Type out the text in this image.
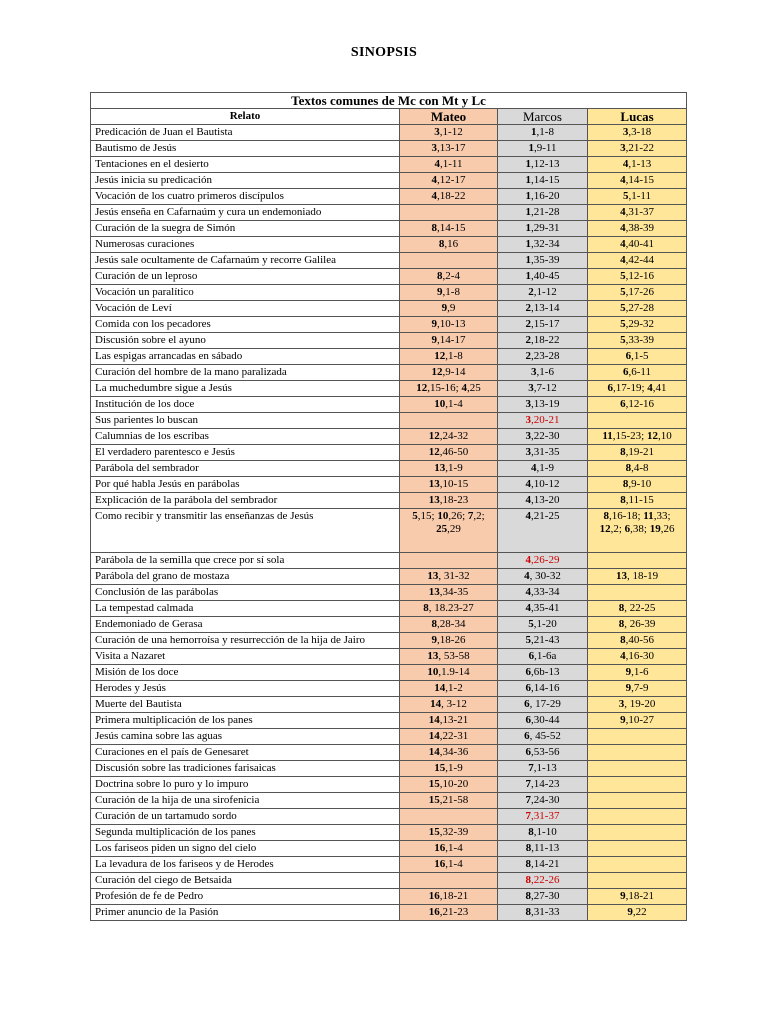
SINOPSIS
Textos comunes de Mc con Mt y Lc			
Relato	Mateo	Marcos	Lucas
Predicación de Juan el Bautista	3,1-12	1,1-8	3,3-18
Bautismo de Jesús	3,13-17	1,9-11	3,21-22
Tentaciones en el desierto	4,1-11	1,12-13	4,1-13
Jesús inicia su predicación	4,12-17	1,14-15	4,14-15
Vocación de los cuatro primeros discípulos	4,18-22	1,16-20	5,1-11
Jesús enseña en Cafarnaúm y cura un endemoniado		1,21-28	4,31-37
Curación de la suegra de Simón	8,14-15	1,29-31	4,38-39
Numerosas curaciones	8,16	1,32-34	4,40-41
Jesús sale ocultamente de Cafarnaúm y recorre Galilea		1,35-39	4,42-44
Curación de un leproso	8,2-4	1,40-45	5,12-16
Vocación un paralítico	9,1-8	2,1-12	5,17-26
Vocación de Leví	9,9	2,13-14	5,27-28
Comida con los pecadores	9,10-13	2,15-17	5,29-32
Discusión sobre el ayuno	9,14-17	2,18-22	5,33-39
Las espigas arrancadas en sábado	12,1-8	2,23-28	6,1-5
Curación del hombre de la mano paralizada	12,9-14	3,1-6	6,6-11
La muchedumbre sigue a Jesús	12,15-16; 4,25	3,7-12	6,17-19; 4,41
Institución de los doce	10,1-4	3,13-19	6,12-16
Sus parientes lo buscan		3,20-21	
Calumnias de los escribas	12,24-32	3,22-30	11,15-23; 12,10
El verdadero parentesco e Jesús	12,46-50	3,31-35	8,19-21
Parábola del sembrador	13,1-9	4,1-9	8,4-8
Por qué habla Jesús en parábolas	13,10-15	4,10-12	8,9-10
Explicación de la parábola del sembrador	13,18-23	4,13-20	8,11-15
Como recibir y transmitir las enseñanzas de Jesús	5,15; 10,26; 7,2; 25,29	4,21-25	8,16-18; 11,33; 12,2; 6,38; 19,26
Parábola de la semilla que crece por sí sola		4,26-29	
Parábola del grano de mostaza	13, 31-32	4, 30-32	13, 18-19
Conclusión de las parábolas	13,34-35	4,33-34	
La tempestad calmada	8, 18.23-27	4,35-41	8, 22-25
Endemoniado de Gerasa	8,28-34	5,1-20	8, 26-39
Curación de una hemorroísa y resurrección de la hija de Jairo	9,18-26	5,21-43	8,40-56
Visita a Nazaret	13, 53-58	6,1-6a	4,16-30
Misión de los doce	10,1.9-14	6,6b-13	9,1-6
Herodes y Jesús	14,1-2	6,14-16	9,7-9
Muerte del Bautista	14, 3-12	6, 17-29	3, 19-20
Primera multiplicación de los panes	14,13-21	6,30-44	9,10-27
Jesús camina sobre las aguas	14,22-31	6, 45-52	
Curaciones en el país de Genesaret	14,34-36	6,53-56	
Discusión sobre las tradiciones farisaicas	15,1-9	7,1-13	
Doctrina sobre lo puro y lo impuro	15,10-20	7,14-23	
Curación de la hija de una sirofenicia	15,21-58	7,24-30	
Curación de un tartamudo sordo		7,31-37	
Segunda multiplicación de los panes	15,32-39	8,1-10	
Los fariseos piden un signo del cielo	16,1-4	8,11-13	
La levadura de los fariseos y de Herodes	16,1-4	8,14-21	
Curación del ciego de Betsaida		8,22-26	
Profesión de fe de Pedro	16,18-21	8,27-30	9,18-21
Primer anuncio de la Pasión	16,21-23	8,31-33	9,22
